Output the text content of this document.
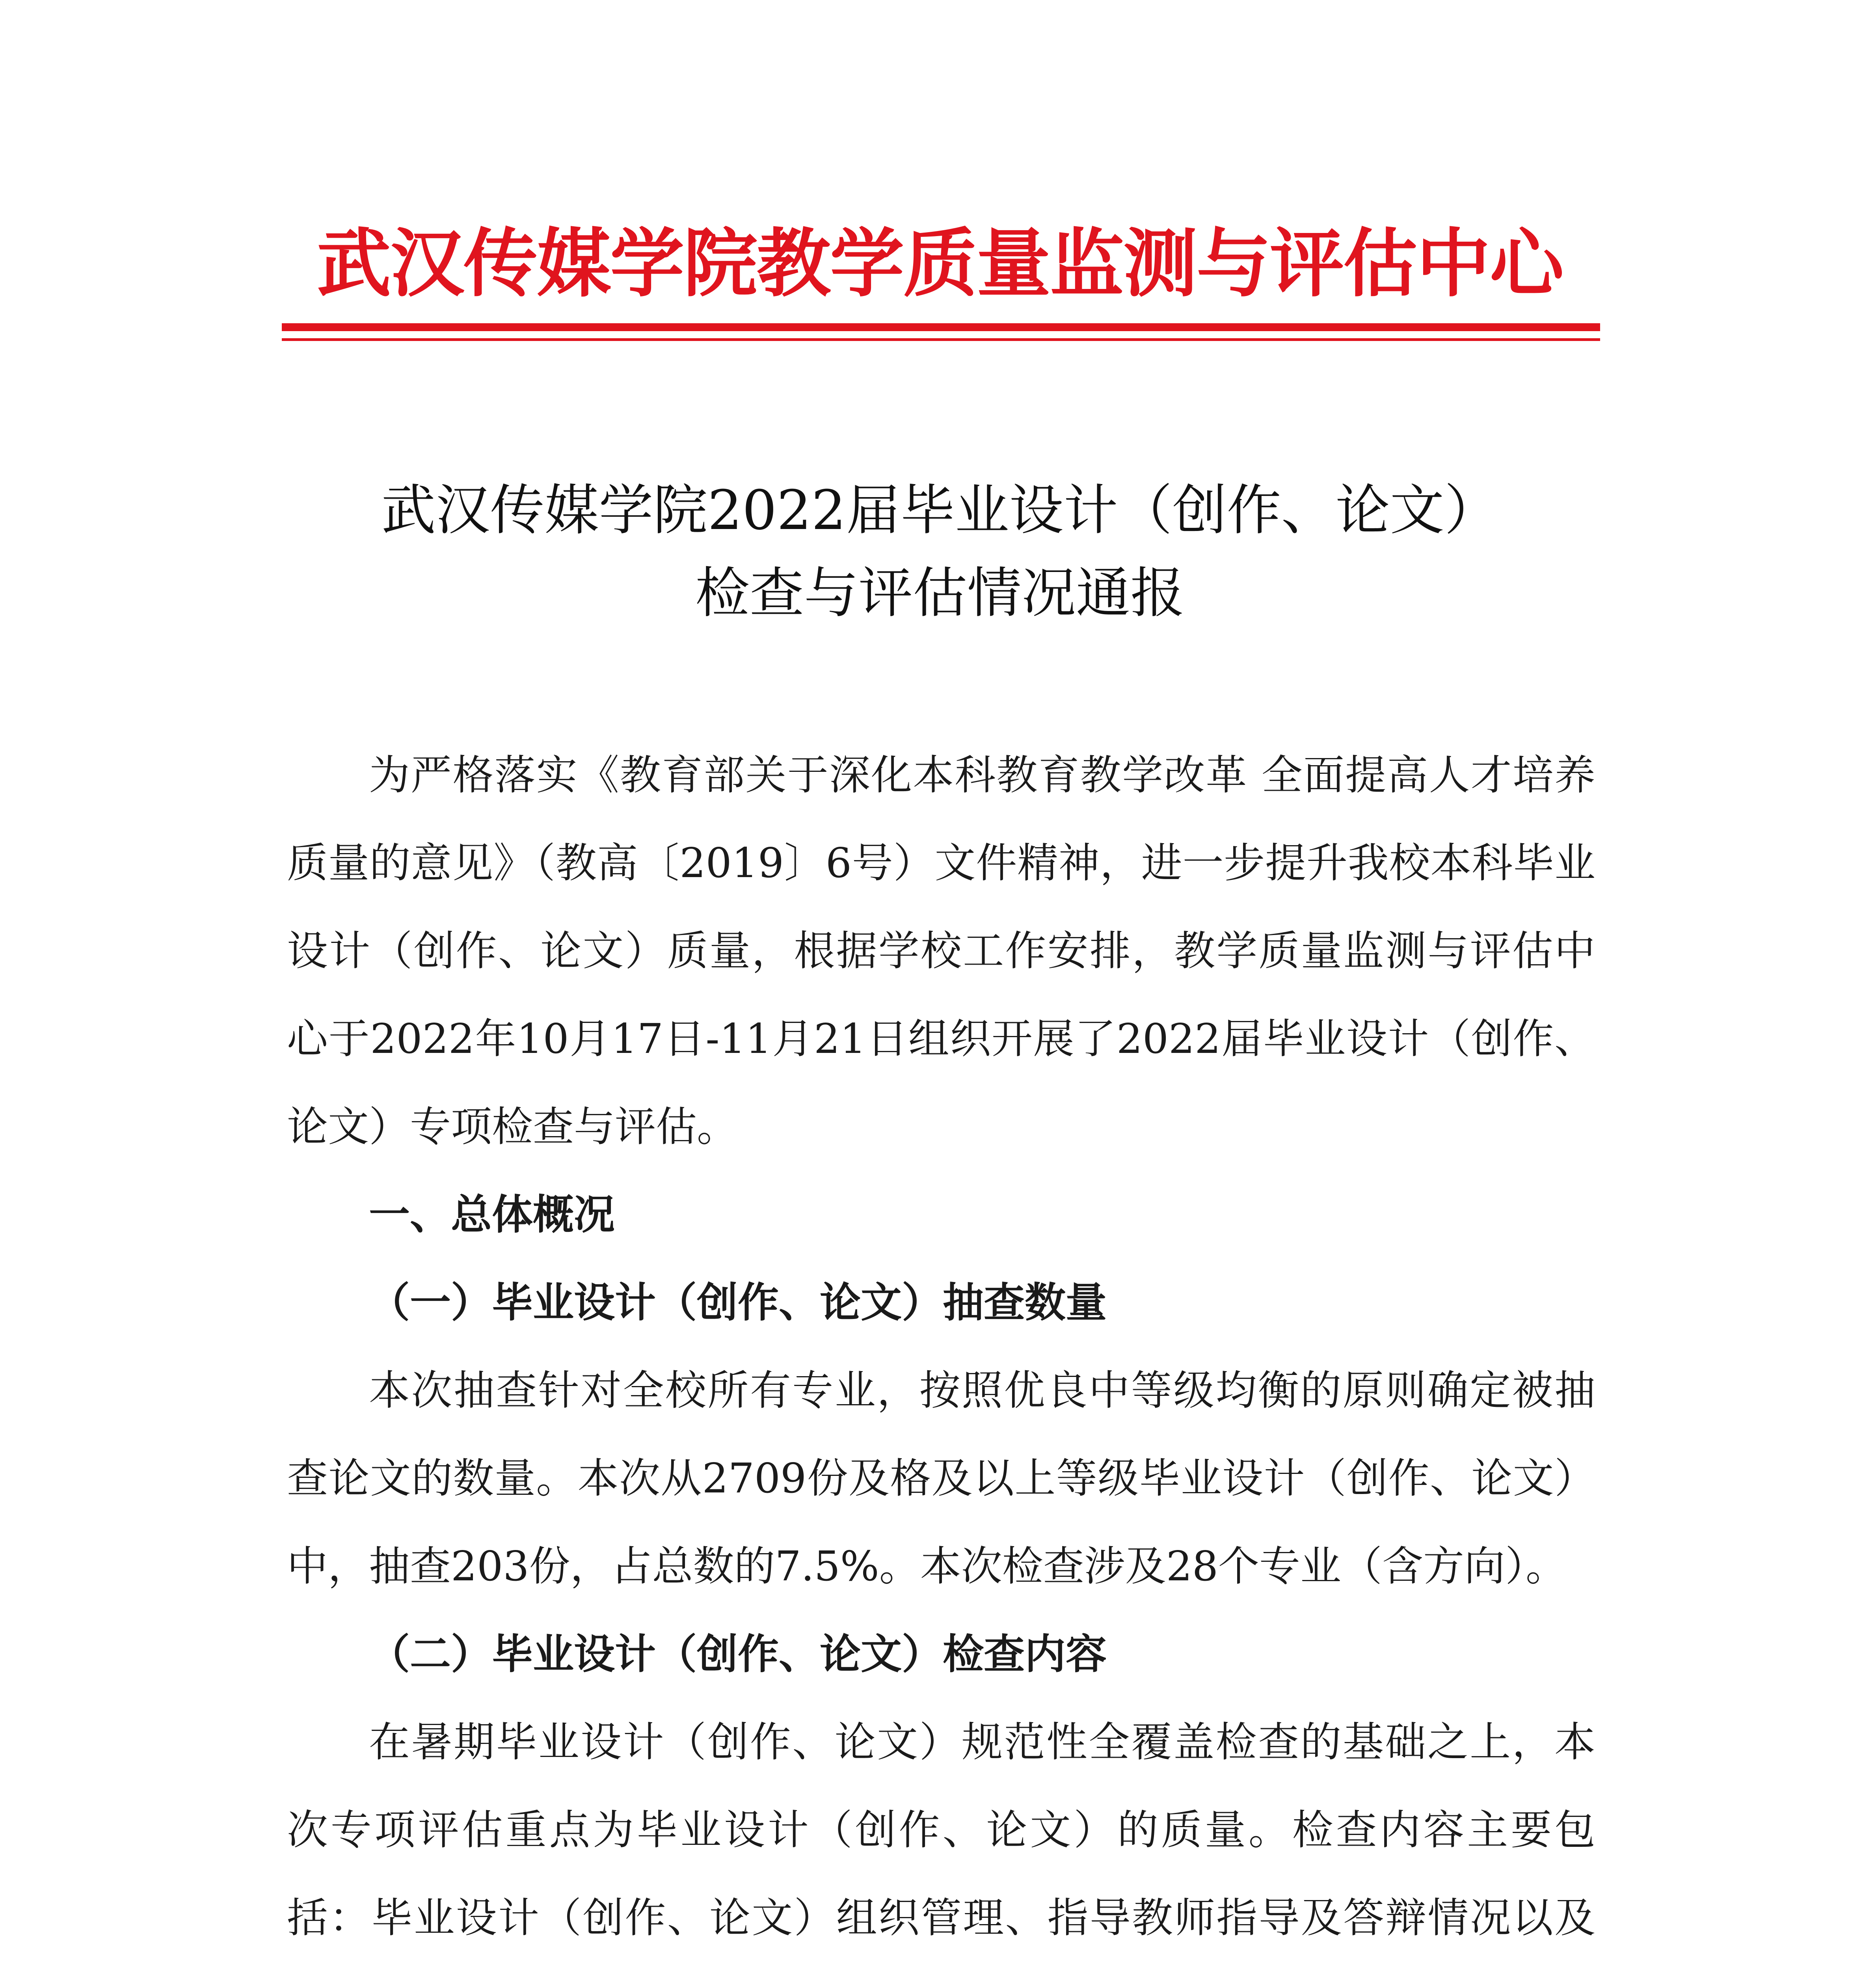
武汉传媒学院教学质量监测与评估中心
武汉传媒学院2022届毕业设计（创作、论文）
检查与评估情况通报

为严格落实《教育部关于深化本科教育教学改革 全面提高人才培养质量的意见》（教高〔2019〕6号）文件精神，进一步提升我校本科毕业设计（创作、论文）质量，根据学校工作安排，教学质量监测与评估中心于2022年10月17日-11月21日组织开展了2022届毕业设计（创作、论文）专项检查与评估。

一、总体概况

（一）毕业设计（创作、论文）抽查数量

本次抽查针对全校所有专业，按照优良中等级均衡的原则确定被抽查论文的数量。本次从2709份及格及以上等级毕业设计（创作、论文）中，抽查203份，占总数的7.5%。本次检查涉及28个专业（含方向）。

（二）毕业设计（创作、论文）检查内容

在暑期毕业设计（创作、论文）规范性全覆盖检查的基础之上，本次专项评估重点为毕业设计（创作、论文）的质量。检查内容主要包括：毕业设计（创作、论文）组织管理、指导教师指导及答辩情况以及
